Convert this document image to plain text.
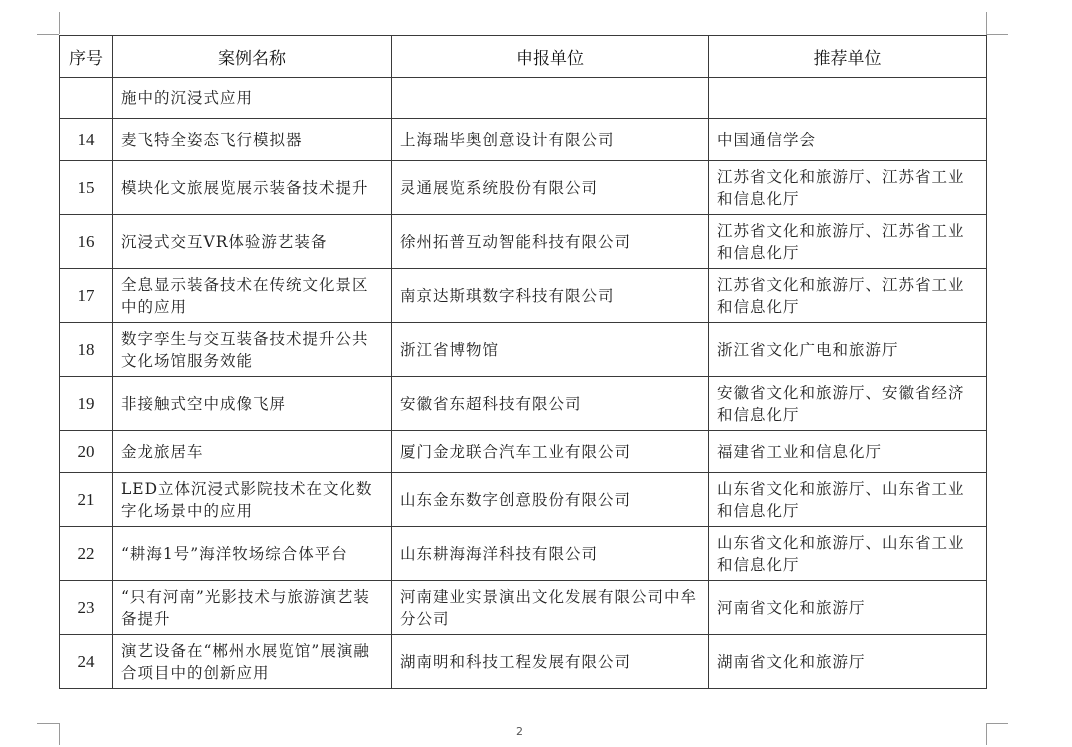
序号	案例名称	申报单位	推荐单位
	施中的沉浸式应用		
14	麦飞特全姿态飞行模拟器	上海瑞毕奥创意设计有限公司	中国通信学会
15	模块化文旅展览展示装备技术提升	灵通展览系统股份有限公司	江苏省文化和旅游厅、江苏省工业和信息化厅
16	沉浸式交互VR体验游艺装备	徐州拓普互动智能科技有限公司	江苏省文化和旅游厅、江苏省工业和信息化厅
17	全息显示装备技术在传统文化景区中的应用	南京达斯琪数字科技有限公司	江苏省文化和旅游厅、江苏省工业和信息化厅
18	数字孪生与交互装备技术提升公共文化场馆服务效能	浙江省博物馆	浙江省文化广电和旅游厅
19	非接触式空中成像飞屏	安徽省东超科技有限公司	安徽省文化和旅游厅、安徽省经济和信息化厅
20	金龙旅居车	厦门金龙联合汽车工业有限公司	福建省工业和信息化厅
21	LED立体沉浸式影院技术在文化数字化场景中的应用	山东金东数字创意股份有限公司	山东省文化和旅游厅、山东省工业和信息化厅
22	“耕海1号”海洋牧场综合体平台	山东耕海海洋科技有限公司	山东省文化和旅游厅、山东省工业和信息化厅
23	“只有河南”光影技术与旅游演艺装备提升	河南建业实景演出文化发展有限公司中牟分公司	河南省文化和旅游厅
24	演艺设备在“郴州水展览馆”展演融合项目中的创新应用	湖南明和科技工程发展有限公司	湖南省文化和旅游厅
2
